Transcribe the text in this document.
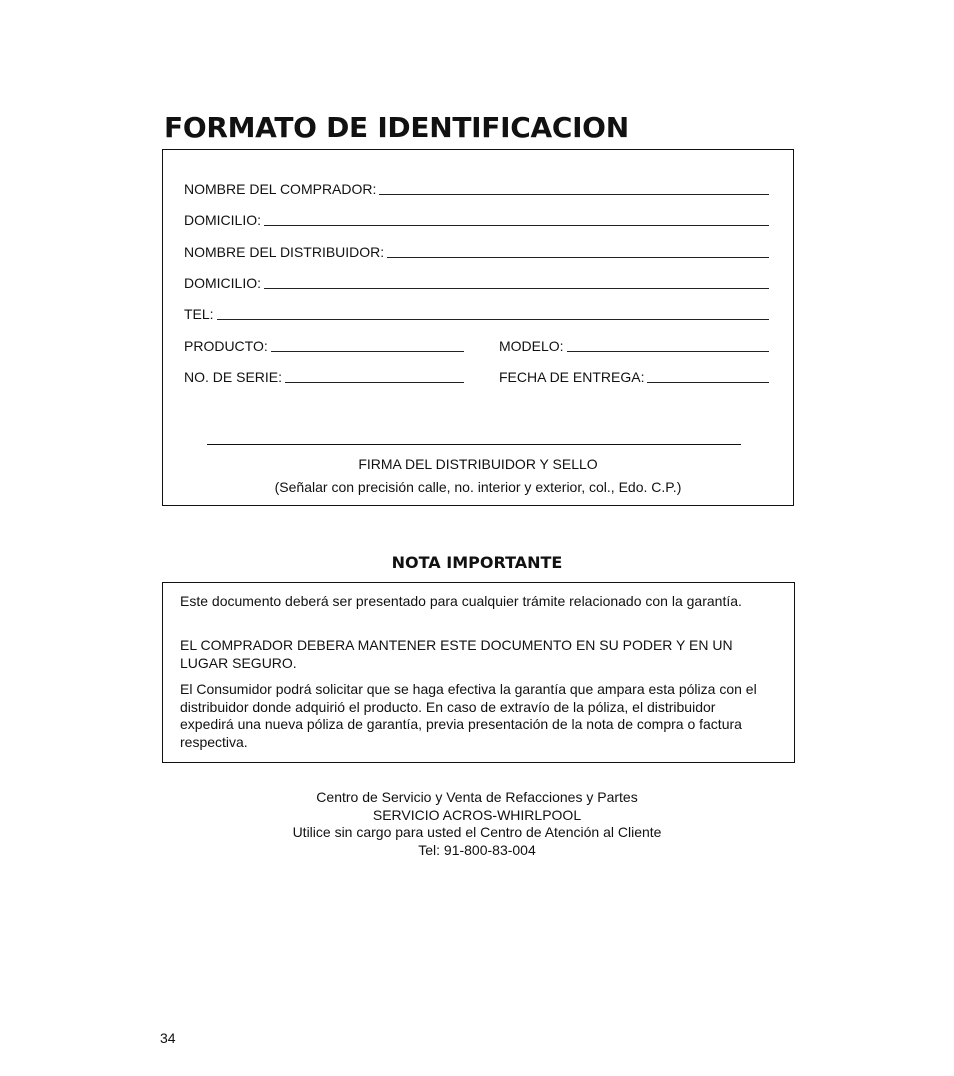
FORMATO DE IDENTIFICACION
NOMBRE DEL COMPRADOR:
DOMICILIO:
NOMBRE DEL DISTRIBUIDOR:
DOMICILIO:
TEL:
PRODUCTO:	MODELO:
NO. DE SERIE:	FECHA DE ENTREGA:
FIRMA DEL DISTRIBUIDOR Y SELLO
(Señalar con precisión calle, no. interior y exterior, col., Edo. C.P.)
NOTA IMPORTANTE

Este documento deberá ser presentado para cualquier trámite relacionado con la garantía.

EL COMPRADOR DEBERA MANTENER ESTE DOCUMENTO EN SU PODER Y EN UN LUGAR SEGURO.

El Consumidor podrá solicitar que se haga efectiva la garantía que ampara esta póliza con el distribuidor donde adquirió el producto. En caso de extravío de la póliza, el distribuidor expedirá una nueva póliza de garantía, previa presentación de la nota de compra o factura respectiva.

Centro de Servicio y Venta de Refacciones y Partes
SERVICIO ACROS-WHIRLPOOL
Utilice sin cargo para usted el Centro de Atención al Cliente
Tel: 91-800-83-004
34
